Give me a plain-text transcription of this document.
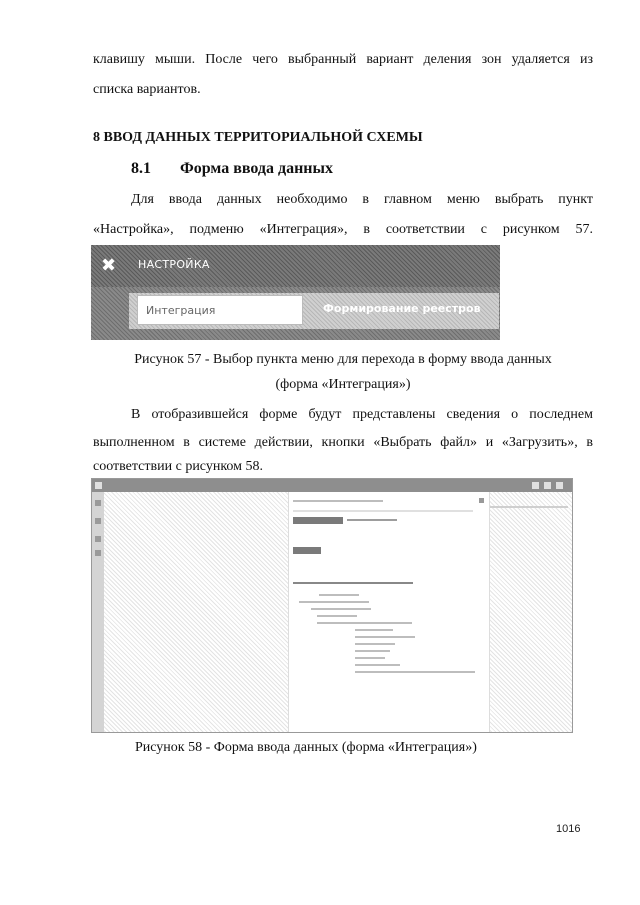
клавишу мыши. После чего выбранный вариант деления зон удаляется из
списка вариантов.
8 ВВОД ДАННЫХ ТЕРРИТОРИАЛЬНОЙ СХЕМЫ
8.1 Форма ввода данных
Для ввода данных необходимо в главном меню выбрать пункт
«Настройка», подменю «Интеграция», в соответствии с рисунком 57.
✖	НАСТРОЙКА
Интеграция	Формирование реестров
Рисунок 57 - Выбор пункта меню для перехода в форму ввода данных
(форма «Интеграция»)
В отобразившейся форме будут представлены сведения о последнем
выполненном в системе действии, кнопки «Выбрать файл» и «Загрузить», в
соответствии с рисунком 58.
Рисунок 58 - Форма ввода данных (форма «Интеграция»)
1016
